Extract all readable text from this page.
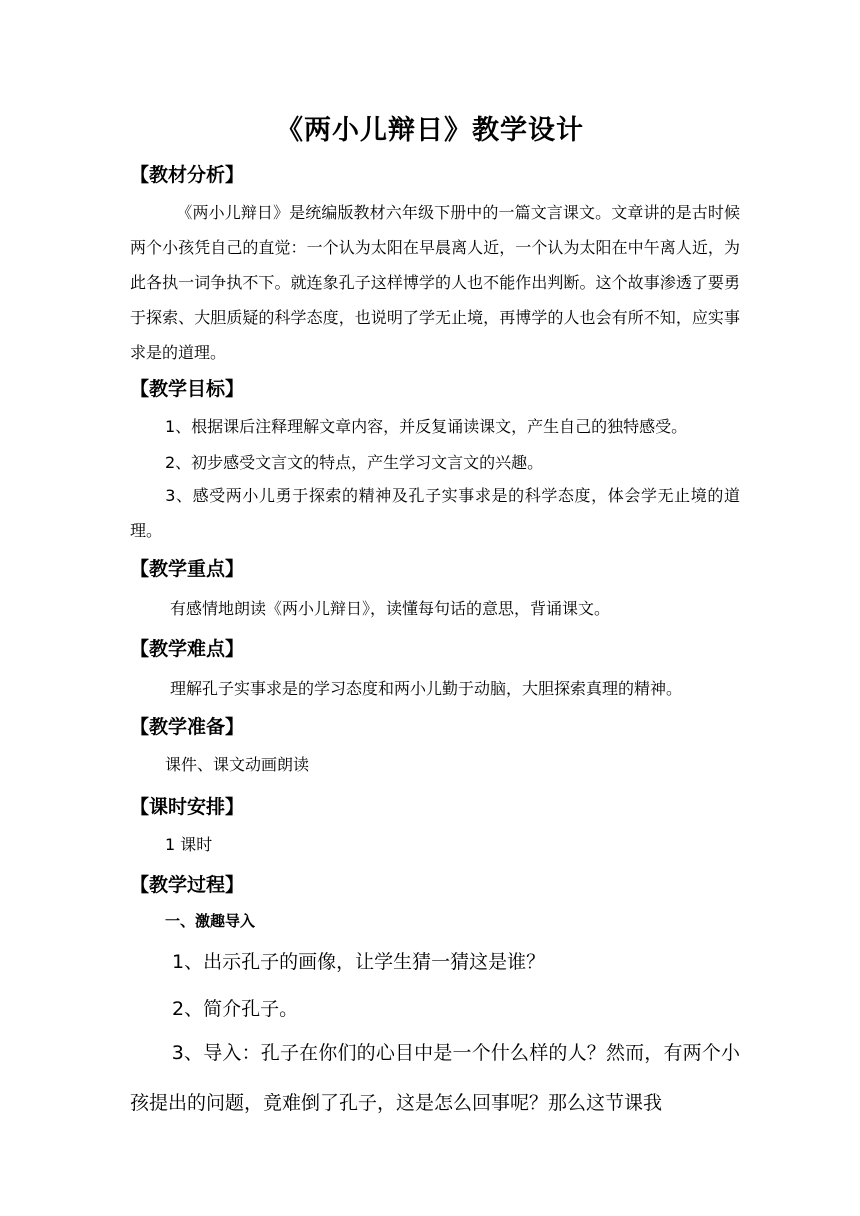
《两小儿辩日》教学设计
【教材分析】
《两小儿辩日》是统编版教材六年级下册中的一篇文言课文。文章讲的是古时候两个小孩凭自己的直觉：一个认为太阳在早晨离人近，一个认为太阳在中午离人近，为此各执一词争执不下。就连象孔子这样博学的人也不能作出判断。这个故事渗透了要勇于探索、大胆质疑的科学态度，也说明了学无止境，再博学的人也会有所不知，应实事求是的道理。
【教学目标】
1、根据课后注释理解文章内容，并反复诵读课文，产生自己的独特感受。
2、初步感受文言文的特点，产生学习文言文的兴趣。
3、感受两小儿勇于探索的精神及孔子实事求是的科学态度，体会学无止境的道理。
【教学重点】
有感情地朗读《两小儿辩日》，读懂每句话的意思，背诵课文。
【教学难点】
理解孔子实事求是的学习态度和两小儿勤于动脑，大胆探索真理的精神。
【教学准备】
课件、课文动画朗读
【课时安排】
1 课时
【教学过程】
一、激趣导入
1、出示孔子的画像，让学生猜一猜这是谁？
2、简介孔子。
3、导入：孔子在你们的心目中是一个什么样的人？然而，有两个小孩提出的问题，竟难倒了孔子，这是怎么回事呢？那么这节课我
